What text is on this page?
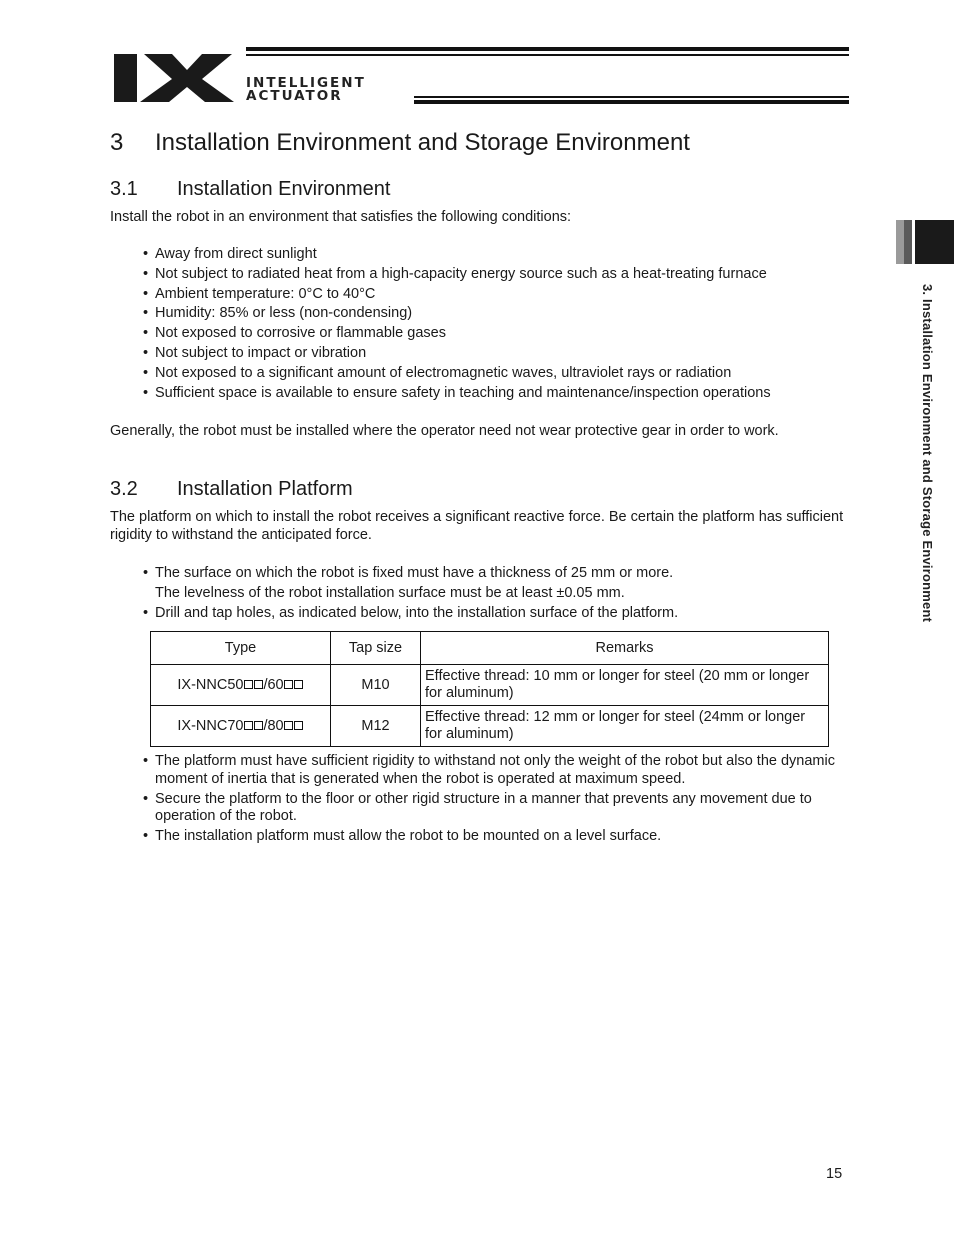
INTELLIGENT
ACTUATOR
3 Installation Environment and Storage Environment
3.1 Installation Environment
Install the robot in an environment that satisfies the following conditions:
• Away from direct sunlight
• Not subject to radiated heat from a high-capacity energy source such as a heat-treating furnace
• Ambient temperature: 0°C to 40°C
• Humidity: 85% or less (non-condensing)
• Not exposed to corrosive or flammable gases
• Not subject to impact or vibration
• Not exposed to a significant amount of electromagnetic waves, ultraviolet rays or radiation
• Sufficient space is available to ensure safety in teaching and maintenance/inspection operations
Generally, the robot must be installed where the operator need not wear protective gear in order to work.
3.2 Installation Platform
The platform on which to install the robot receives a significant reactive force. Be certain the platform has sufficient rigidity to withstand the anticipated force.
• The surface on which the robot is fixed must have a thickness of 25 mm or more.
The levelness of the robot installation surface must be at least ±0.05 mm.
• Drill and tap holes, as indicated below, into the installation surface of the platform.
Type	Tap size	Remarks
IX-NNC50 /60	M10	Effective thread: 10 mm or longer for steel (20 mm or longer for aluminum)
IX-NNC70 /80	M12	Effective thread: 12 mm or longer for steel (24mm or longer for aluminum)
• The platform must have sufficient rigidity to withstand not only the weight of the robot but also the dynamic moment of inertia that is generated when the robot is operated at maximum speed.
• Secure the platform to the floor or other rigid structure in a manner that prevents any movement due to operation of the robot.
• The installation platform must allow the robot to be mounted on a level surface.
3. Installation Environment and Storage Environment
15
